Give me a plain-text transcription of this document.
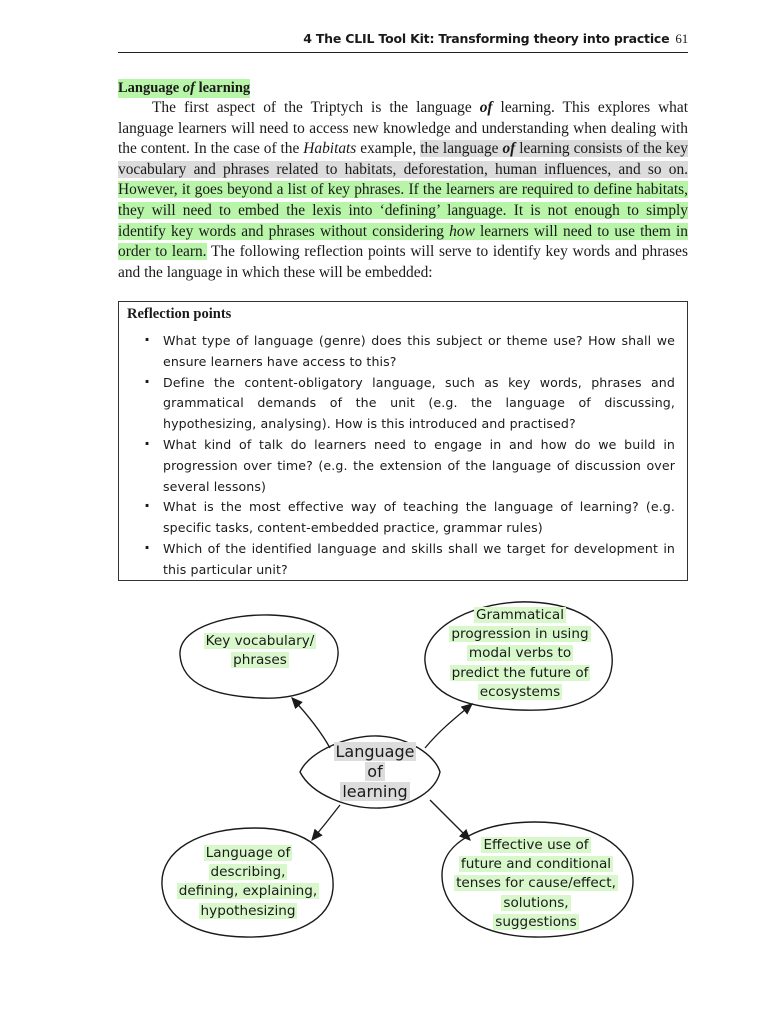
4 The CLIL Tool Kit: Transforming theory into practice 61
Language of learning

The first aspect of the Triptych is the language of learning. This explores what language learners will need to access new knowledge and understanding when dealing with the content. In the case of the Habitats example, the language of learning consists of the key vocabulary and phrases related to habitats, deforestation, human influences, and so on. However, it goes beyond a list of key phrases. If the learners are required to define habitats, they will need to embed the lexis into ‘defining’ language. It is not enough to simply identify key words and phrases without considering how learners will need to use them in order to learn. The following reflection points will serve to identify key words and phrases and the language in which these will be embedded:

Reflection points
· What type of language (genre) does this subject or theme use? How shall we ensure learners have access to this?
· Define the content-obligatory language, such as key words, phrases and grammatical demands of the unit (e.g. the language of discussing, hypothesizing, analysing). How is this introduced and practised?
· What kind of talk do learners need to engage in and how do we build in progression over time? (e.g. the extension of the language of discussion over several lessons)
· What is the most effective way of teaching the language of learning? (e.g. specific tasks, content-embedded practice, grammar rules)
· Which of the identified language and skills shall we target for development in this particular unit?
Key vocabulary/
phrases
Grammatical
progression in using
modal verbs to
predict the future of
ecosystems
Language
of
learning
Language of
describing,
defining, explaining,
hypothesizing
Effective use of
future and conditional
tenses for cause/effect,
solutions,
suggestions
